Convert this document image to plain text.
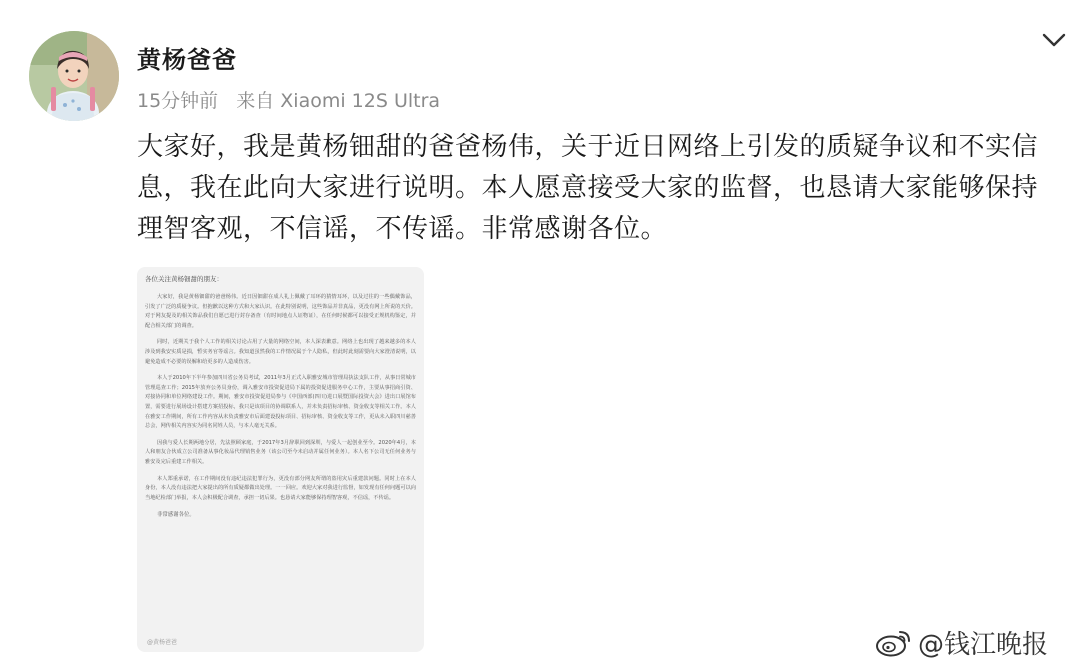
黄杨爸爸
15分钟前 来自 Xiaomi 12S Ultra
大家好，我是黄杨钿甜的爸爸杨伟，关于近日网络上引发的质疑争议和不实信息，我在此向大家进行说明。本人愿意接受大家的监督，也恳请大家能够保持理智客观，不信谣，不传谣。非常感谢各位。
各位关注黄杨钿甜的朋友：

大家好，我是黄杨钿甜的爸爸杨伟。近日因钿甜在成人礼上佩戴了耳环的猜情耳环，以及过往的一些偶戴饰品，引发了广泛的质疑争议。但抱歉以这种方式和大家认识。在此特别说明，这些饰品并非真品，更没有网上所说的天价。对于网友提及的相关饰品我们自愿已进行封存备查（有时间地点人证物证），在任何时候都可以接受正规机构鉴定，并配合相关部门的调查。

同时，近期关于我个人工作的相关讨论占用了大量的网络空间，本人深表歉意。网络上也出现了越来越多的本人涉及到我安实质是损，暂实务官等谣言。我知道虽然我的工作情况属于个人隐私，但此时此刻需要向大家澄清说明，以避免造成不必要的误解和给更多的人造成伤害。

本人于2010年下半年参加四川省公务员考试，2011年3月正式入职雅安城市管理局执法支队工作，从事日常城市管理巡查工作；2015年放弃公务员身份，调入雅安市投资促进局下属的投资促进服务中心工作，主要从事招商引资、对接协同和单位网络建设工作。期间，雅安市投资促进局参与《中国西部(四川)进口展暨国际投资大会》进出口展馆布置，需要进行展场设计搭建方案招投标，我只是该项目的协调联系人，并未负责招标审核、资金收支等相关工作。本人在雅安工作期间，所有工作内容从未负责雅安市后面建设投标项目、招标审核、资金收支等工作，更从未入职四川慈善总会，网传相关内容实为同名同姓人员，与本人毫无关系。

因我与爱人长期两地分居，先法照顾家庭，于2017年3月辞职回到深圳，与爱人一起创业至今。2020年4月，本人和朋友合伙成立公司准备从事化妆品代理销售业务（该公司至今未启动并属任何业务）。本人名下公司无任何业务与雅安及完后重建工作相关。

本人郑重承诺，在工作期间没有违纪违法犯罪行为，更没有部分网友所谓的盗用灾后重建款问题。同时上在本人身份，本人没有违法把大家提出的所有质疑都做出处理。一一回应。欢迎大家对我进行监督，如发现有任何问题可以向当地纪检部门举报，本人会积极配合调查，承担一切后果。也恳请大家能够保持理智客观，不信谣，不传谣。

非常感谢各位。

@黄杨爸爸	@钱江晚报
